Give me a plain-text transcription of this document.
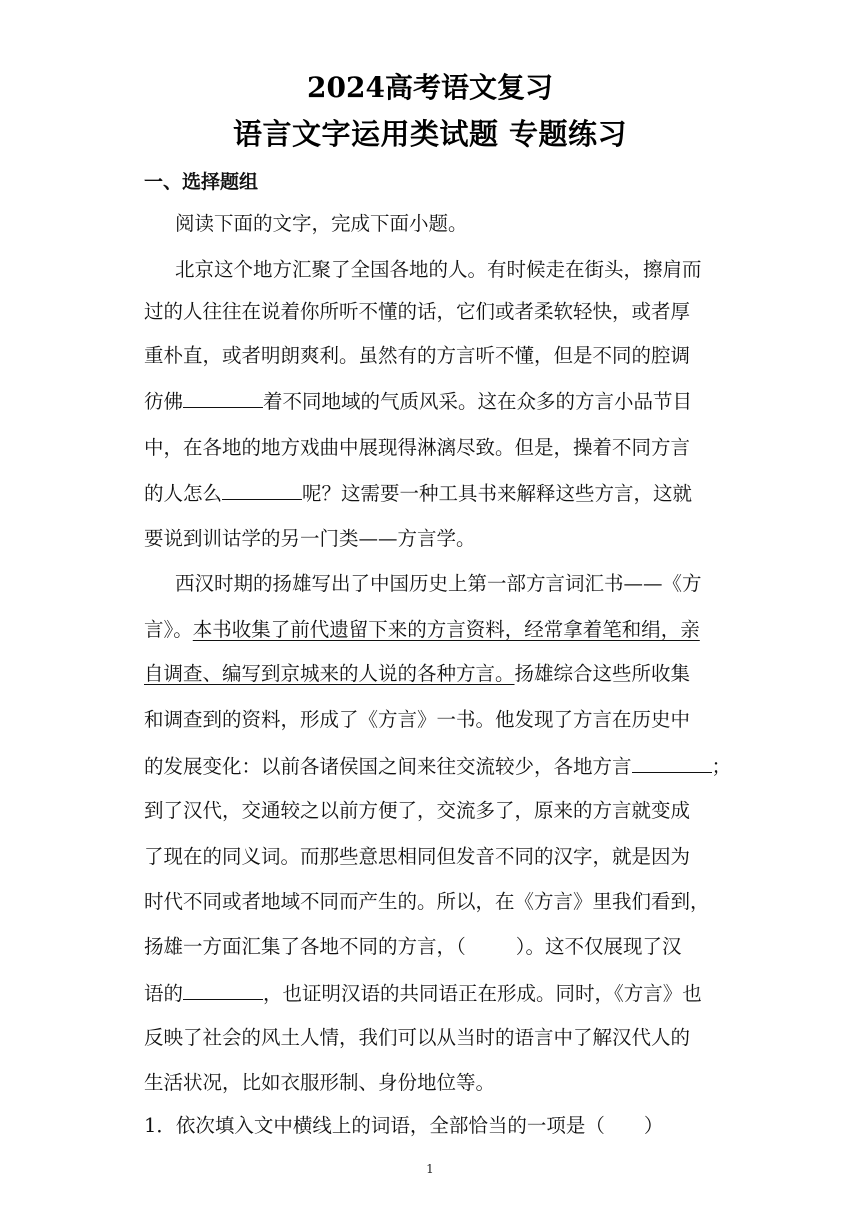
2024高考语文复习
语言文字运用类试题 专题练习
一、选择题组
阅读下面的文字，完成下面小题。
北京这个地方汇聚了全国各地的人。有时候走在街头，擦肩而
过的人往往在说着你所听不懂的话，它们或者柔软轻快，或者厚
重朴直，或者明朗爽利。虽然有的方言听不懂，但是不同的腔调
彷佛	着不同地域的气质风采。这在众多的方言小品节目
中，在各地的地方戏曲中展现得淋漓尽致。但是，操着不同方言
的人怎么	呢？这需要一种工具书来解释这些方言，这就
要说到训诂学的另一门类——方言学。
西汉时期的扬雄写出了中国历史上第一部方言词汇书——《方
言》。本书收集了前代遗留下来的方言资料，经常拿着笔和绢，亲
自调查、编写到京城来的人说的各种方言。扬雄综合这些所收集
和调查到的资料，形成了《方言》一书。他发现了方言在历史中
的发展变化：以前各诸侯国之间来往交流较少，各地方言	；
到了汉代，交通较之以前方便了，交流多了，原来的方言就变成
了现在的同义词。而那些意思相同但发音不同的汉字，就是因为
时代不同或者地域不同而产生的。所以，在《方言》里我们看到，
扬雄一方面汇集了各地不同的方言，（	）。这不仅展现了汉
语的	，也证明汉语的共同语正在形成。同时，《方言》也
反映了社会的风土人情，我们可以从当时的语言中了解汉代人的
生活状况，比如衣服形制、身份地位等。
1．依次填入文中横线上的词语，全部恰当的一项是（　　）
1
